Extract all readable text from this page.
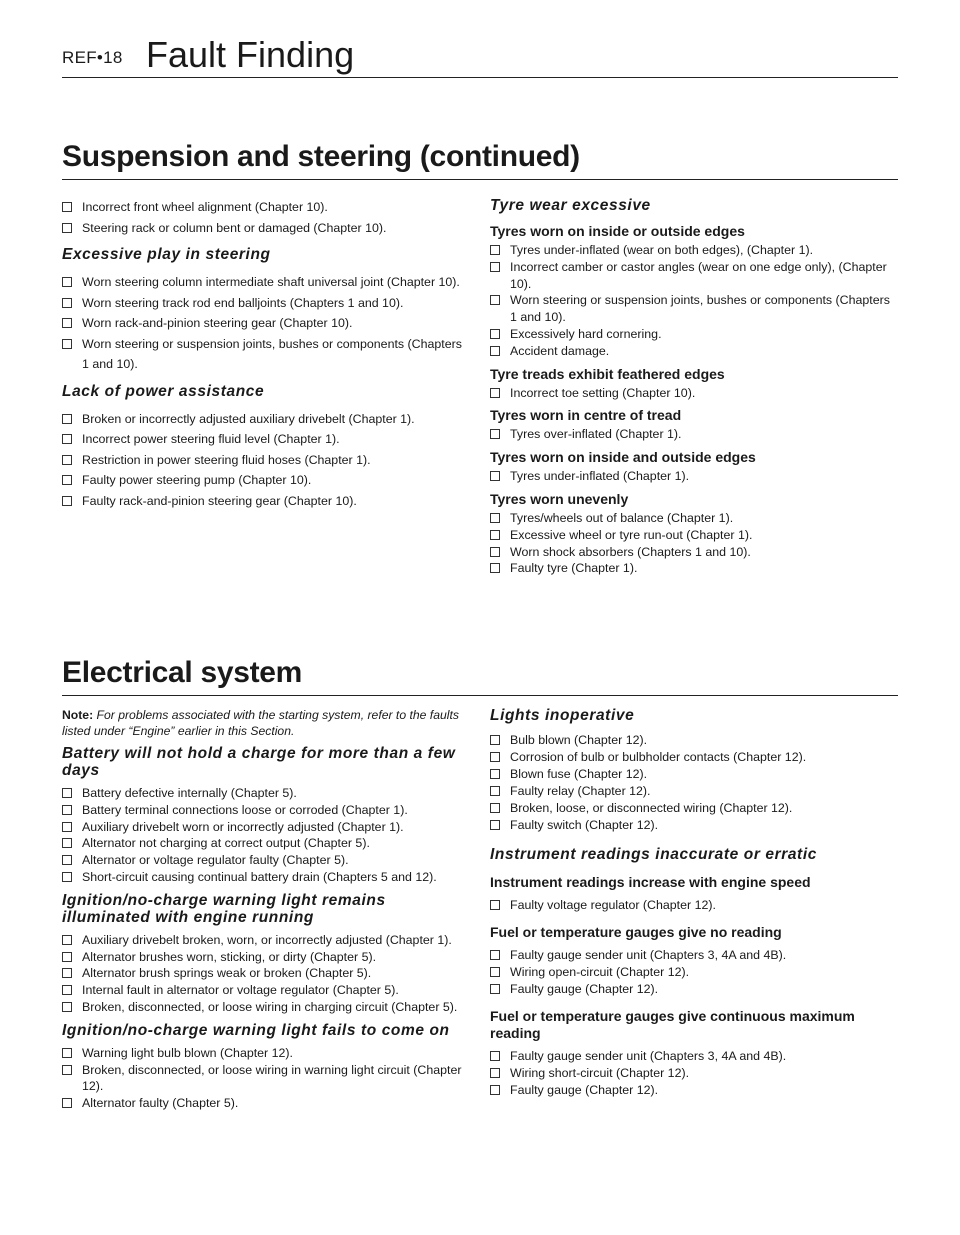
REF•18 Fault Finding
Suspension and steering (continued)
Incorrect front wheel alignment (Chapter 10).
Steering rack or column bent or damaged (Chapter 10).
Excessive play in steering
Worn steering column intermediate shaft universal joint (Chapter 10).
Worn steering track rod end balljoints (Chapters 1 and 10).
Worn rack-and-pinion steering gear (Chapter 10).
Worn steering or suspension joints, bushes or components (Chapters 1 and 10).
Lack of power assistance
Broken or incorrectly adjusted auxiliary drivebelt (Chapter 1).
Incorrect power steering fluid level (Chapter 1).
Restriction in power steering fluid hoses (Chapter 1).
Faulty power steering pump (Chapter 10).
Faulty rack-and-pinion steering gear (Chapter 10).
Tyre wear excessive
Tyres worn on inside or outside edges
Tyres under-inflated (wear on both edges), (Chapter 1).
Incorrect camber or castor angles (wear on one edge only), (Chapter 10).
Worn steering or suspension joints, bushes or components (Chapters 1 and 10).
Excessively hard cornering.
Accident damage.
Tyre treads exhibit feathered edges
Incorrect toe setting (Chapter 10).
Tyres worn in centre of tread
Tyres over-inflated (Chapter 1).
Tyres worn on inside and outside edges
Tyres under-inflated (Chapter 1).
Tyres worn unevenly
Tyres/wheels out of balance (Chapter 1).
Excessive wheel or tyre run-out (Chapter 1).
Worn shock absorbers (Chapters 1 and 10).
Faulty tyre (Chapter 1).
Electrical system

Note: For problems associated with the starting system, refer to the faults listed under “Engine” earlier in this Section.

Battery will not hold a charge for more than a few days
Battery defective internally (Chapter 5).
Battery terminal connections loose or corroded (Chapter 1).
Auxiliary drivebelt worn or incorrectly adjusted (Chapter 1).
Alternator not charging at correct output (Chapter 5).
Alternator or voltage regulator faulty (Chapter 5).
Short-circuit causing continual battery drain (Chapters 5 and 12).
Ignition/no-charge warning light remains illuminated with engine running
Auxiliary drivebelt broken, worn, or incorrectly adjusted (Chapter 1).
Alternator brushes worn, sticking, or dirty (Chapter 5).
Alternator brush springs weak or broken (Chapter 5).
Internal fault in alternator or voltage regulator (Chapter 5).
Broken, disconnected, or loose wiring in charging circuit (Chapter 5).
Ignition/no-charge warning light fails to come on
Warning light bulb blown (Chapter 12).
Broken, disconnected, or loose wiring in warning light circuit (Chapter 12).
Alternator faulty (Chapter 5).
Lights inoperative
Bulb blown (Chapter 12).
Corrosion of bulb or bulbholder contacts (Chapter 12).
Blown fuse (Chapter 12).
Faulty relay (Chapter 12).
Broken, loose, or disconnected wiring (Chapter 12).
Faulty switch (Chapter 12).
Instrument readings inaccurate or erratic
Instrument readings increase with engine speed
Faulty voltage regulator (Chapter 12).
Fuel or temperature gauges give no reading
Faulty gauge sender unit (Chapters 3, 4A and 4B).
Wiring open-circuit (Chapter 12).
Faulty gauge (Chapter 12).
Fuel or temperature gauges give continuous maximum reading
Faulty gauge sender unit (Chapters 3, 4A and 4B).
Wiring short-circuit (Chapter 12).
Faulty gauge (Chapter 12).
